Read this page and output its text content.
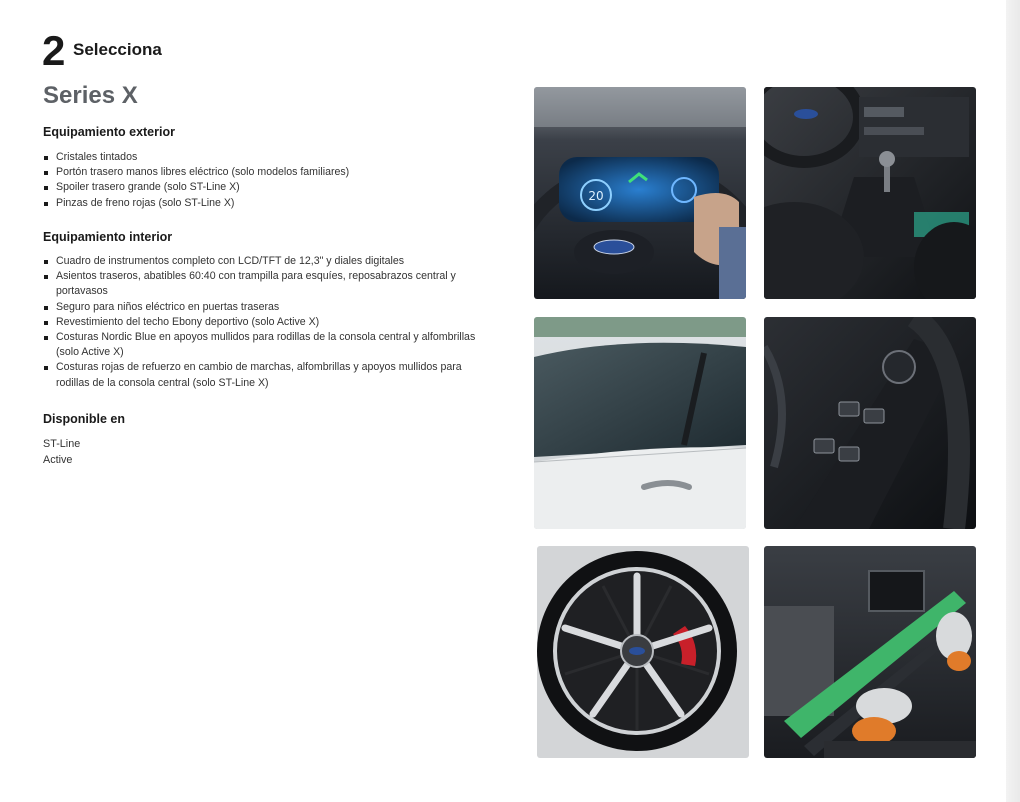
2 Selecciona
Series X
Equipamiento exterior
Cristales tintados
Portón trasero manos libres eléctrico (solo modelos familiares)
Spoiler trasero grande (solo ST-Line X)
Pinzas de freno rojas (solo ST-Line X)
Equipamiento interior
Cuadro de instrumentos completo con LCD/TFT de 12,3" y diales digitales
Asientos traseros, abatibles 60:40 con trampilla para esquíes, reposabrazos central y portavasos
Seguro para niños eléctrico en puertas traseras
Revestimiento del techo Ebony deportivo (solo Active X)
Costuras Nordic Blue en apoyos mullidos para rodillas de la consola central y alfombrillas (solo Active X)
Costuras rojas de refuerzo en cambio de marchas, alfombrillas y apoyos mullidos para rodillas de la consola central (solo ST-Line X)
Disponible en
ST-Line
Active
20
